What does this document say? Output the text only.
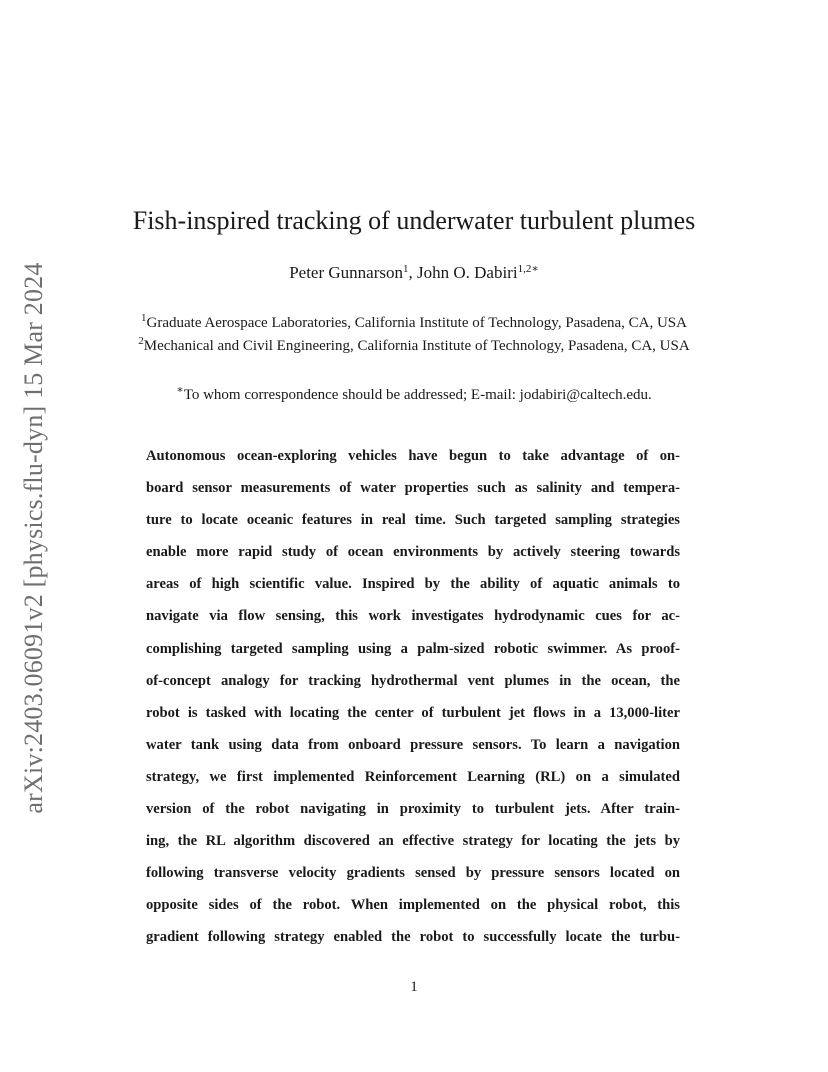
arXiv:2403.06091v2 [physics.flu-dyn] 15 Mar 2024
Fish-inspired tracking of underwater turbulent plumes
Peter Gunnarson$^1$, John O. Dabiri$^{1,2∗}$
$^1$Graduate Aerospace Laboratories, California Institute of Technology, Pasadena, CA, USA
$^2$Mechanical and Civil Engineering, California Institute of Technology, Pasadena, CA, USA
∗To whom correspondence should be addressed; E-mail: jodabiri@caltech.edu.

Autonomous ocean-exploring vehicles have begun to take advantage of on-
board sensor measurements of water properties such as salinity and tempera-
ture to locate oceanic features in real time. Such targeted sampling strategies
enable more rapid study of ocean environments by actively steering towards
areas of high scientific value. Inspired by the ability of aquatic animals to
navigate via flow sensing, this work investigates hydrodynamic cues for ac-
complishing targeted sampling using a palm-sized robotic swimmer. As proof-
of-concept analogy for tracking hydrothermal vent plumes in the ocean, the
robot is tasked with locating the center of turbulent jet flows in a 13,000-liter
water tank using data from onboard pressure sensors. To learn a navigation
strategy, we first implemented Reinforcement Learning (RL) on a simulated
version of the robot navigating in proximity to turbulent jets. After train-
ing, the RL algorithm discovered an effective strategy for locating the jets by
following transverse velocity gradients sensed by pressure sensors located on
opposite sides of the robot. When implemented on the physical robot, this
gradient following strategy enabled the robot to successfully locate the turbu-

1
